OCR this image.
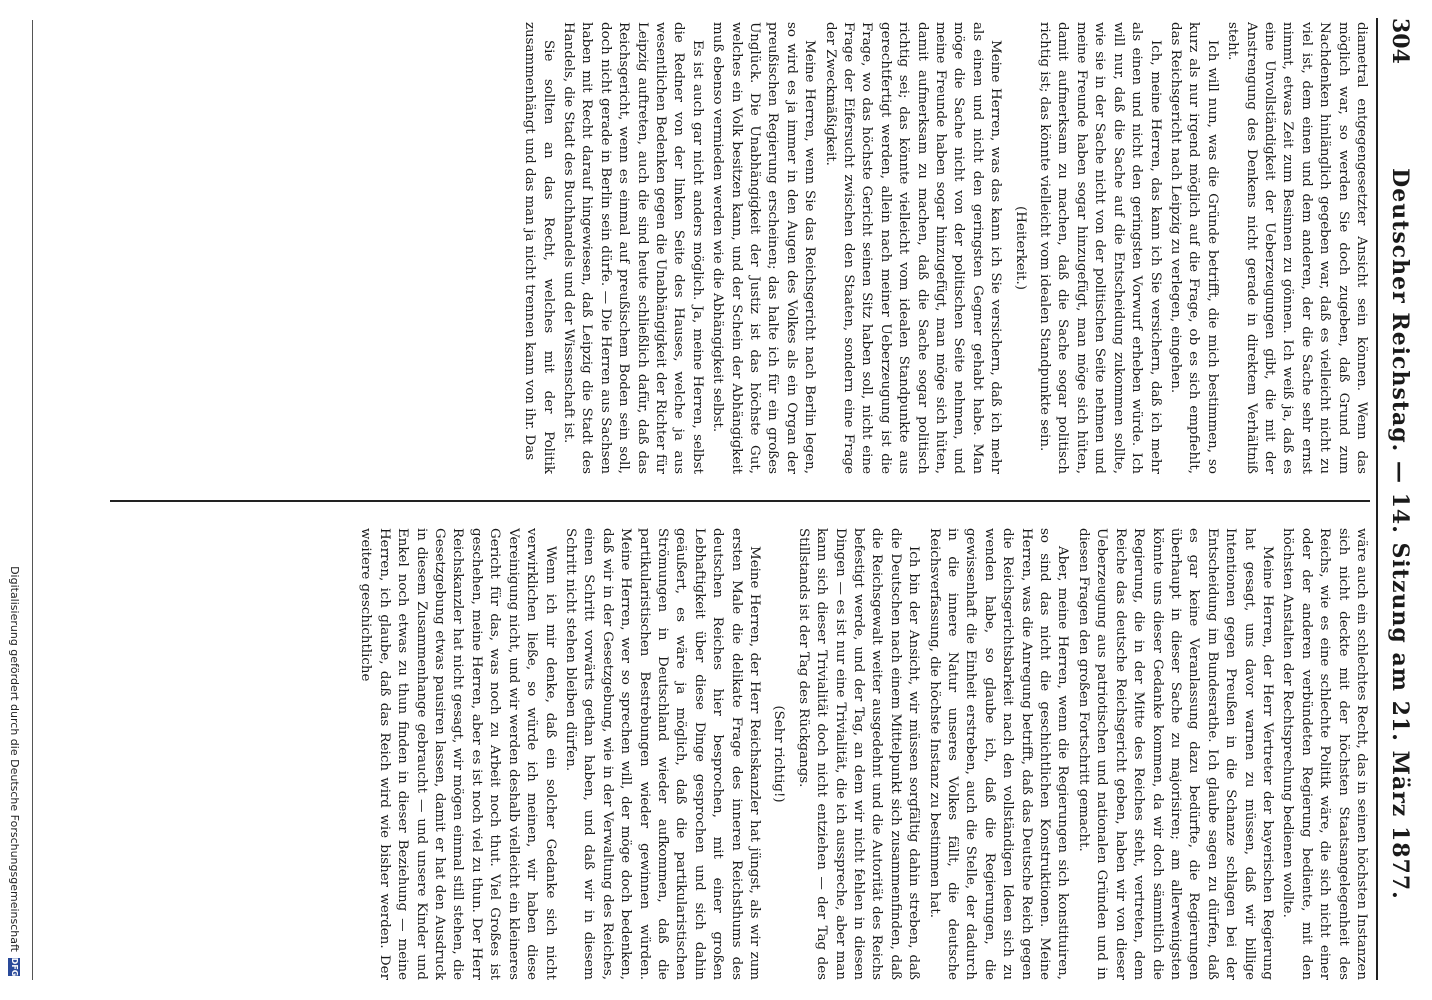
304
Deutscher Reichstag. — 14. Sitzung am 21. März 1877.

diametral entgegengesetzter Ansicht sein können. Wenn das möglich war, so werden Sie doch zugeben, daß Grund zum Nachdenken hinlänglich gegeben war, daß es vielleicht nicht zu viel ist, dem einen und dem anderen, der die Sache sehr ernst nimmt, etwas Zeit zum Besinnen zu gönnen. Ich weiß ja, daß es eine Unvollständigkeit der Ueberzeugungen gibt, die mit der Anstrengung des Denkens nicht gerade in direktem Verhältniß steht.

Ich will nun, was die Gründe betrifft, die mich bestimmen, so kurz als nur irgend möglich auf die Frage, ob es sich empfiehlt, das Reichsgericht nach Leipzig zu verlegen, eingehen.

Ich, meine Herren, das kann ich Sie versichern, daß ich mehr als einen und nicht den geringsten Vorwurf erheben würde. Ich will nur, daß die Sache auf die Entscheidung zukommen sollte, wie sie in der Sache nicht von der politischen Seite nehmen und meine Freunde haben sogar hinzugefügt, man möge sich hüten, damit aufmerksam zu machen, daß die Sache sogar politisch richtig ist; das könnte vielleicht vom idealen Standpunkte sein.

(Heiterkeit.)

Meine Herren, was das kann ich Sie versichern, daß ich mehr als einen und nicht den geringsten Gegner gehabt habe. Man möge die Sache nicht von der politischen Seite nehmen, und meine Freunde haben sogar hinzugefügt, man möge sich hüten, damit aufmerksam zu machen, daß die Sache sogar politisch richtig sei; das könnte vielleicht vom idealen Standpunkte aus gerechtfertigt werden, allein nach meiner Ueberzeugung ist die Frage, wo das höchste Gericht seinen Sitz haben soll, nicht eine Frage der Eifersucht zwischen den Staaten, sondern eine Frage der Zweckmäßigkeit.

Meine Herren, wenn Sie das Reichsgericht nach Berlin legen, so wird es ja immer in den Augen des Volkes als ein Organ der preußischen Regierung erscheinen; das halte ich für ein großes Unglück. Die Unabhängigkeit der Justiz ist das höchste Gut, welches ein Volk besitzen kann, und der Schein der Abhängigkeit muß ebenso vermieden werden wie die Abhängigkeit selbst.

Es ist auch gar nicht anders möglich. Ja, meine Herren, selbst die Redner von der linken Seite des Hauses, welche ja aus wesentlichen Bedenken gegen die Unabhängigkeit der Richter für Leipzig auftreten, auch die sind heute schließlich dafür, daß das Reichsgericht, wenn es einmal auf preußischem Boden sein soll, doch nicht gerade in Berlin sein dürfe. — Die Herren aus Sachsen haben mit Recht darauf hingewiesen, daß Leipzig die Stadt des Handels, die Stadt des Buchhandels und der Wissenschaft ist.

Sie sollten an das Recht, welches mit der Politik zusammenhängt und das man ja nicht trennen kann von ihr. Das

wäre auch ein schlechtes Recht, das in seinen höchsten Instanzen sich nicht deckte mit der höchsten Staatsangelegenheit des Reichs, wie es eine schlechte Politik wäre, die sich nicht einer oder der anderen verbündeten Regierung bediente, mit den höchsten Anstalten der Rechtsprechung bedienen wollte.

Meine Herren, der Herr Vertreter der bayerischen Regierung hat gesagt, uns davor warnen zu müssen, daß wir billige Intentionen gegen Preußen in die Schanze schlagen bei der Entscheidung im Bundesrathe. Ich glaube sagen zu dürfen, daß es gar keine Veranlassung dazu bedürfte, die Regierungen überhaupt in dieser Sache zu majorisiren; am allerwenigsten könnte uns dieser Gedanke kommen, da wir doch sämmtlich die Regierung, die in der Mitte des Reiches steht, vertreten, dem Reiche das deutsche Reichsgericht geben, haben wir von dieser Ueberzeugung aus patriotischen und nationalen Gründen und in diesen Fragen den großen Fortschritt gemacht.

Aber, meine Herren, wenn die Regierungen sich konstituiren, so sind das nicht die geschichtlichen Konstruktionen. Meine Herren, was die Anregung betrifft, daß das Deutsche Reich gegen die Reichsgerichtsbarkeit nach den vollständigen Ideen sich zu wenden habe, so glaube ich, daß die Regierungen, die gewissenhaft die Einheit erstreben, auch die Stelle, der dadurch in die innere Natur unseres Volkes fällt, die deutsche Reichsverfassung, die höchste Instanz zu bestimmen hat.

Ich bin der Ansicht, wir müssen sorgfältig dahin streben, daß die Deutschen nach einem Mittelpunkt sich zusammenfinden, daß die Reichsgewalt weiter ausgedehnt und die Autorität des Reichs befestigt werde, und der Tag, an dem wir nicht fehlen in diesen Dingen — es ist nur eine Trivialität, die ich ausspreche, aber man kann sich dieser Trivialität doch nicht entziehen — der Tag des Stillstands ist der Tag des Rückgangs.

(Sehr richtig!)

Meine Herren, der Herr Reichskanzler hat jüngst, als wir zum ersten Male die delikate Frage des inneren Reichsthums des deutschen Reiches hier besprochen, mit einer großen Lebhaftigkeit über diese Dinge gesprochen und sich dahin geäußert, es wäre ja möglich, daß die partikularistischen Strömungen in Deutschland wieder aufkommen, daß die partikularistischen Bestrebungen wieder gewinnen würden. Meine Herren, wer so sprechen will, der möge doch bedenken, daß wir in der Gesetzgebung, wie in der Verwaltung des Reiches, einen Schritt vorwärts gethan haben, und daß wir in diesem Schritt nicht stehen bleiben dürfen.

Wenn ich mir denke, daß ein solcher Gedanke sich nicht verwirklichen ließe, so würde ich meinen, wir haben diese Vereinigung nicht, und wir werden deshalb vielleicht ein kleineres Gericht für das, was noch zu Arbeit noch thut. Viel Großes ist geschehen, meine Herren, aber es ist noch viel zu thun. Der Herr Reichskanzler hat nicht gesagt, wir mögen einmal still stehen, die Gesetzgebung etwas pausiren lassen, damit er hat den Ausdruck in diesem Zusammenhange gebraucht — und unsere Kinder und Enkel noch etwas zu thun finden in dieser Beziehung — meine Herren, ich glaube, daß das Reich wird wie bisher werden. Der weitere geschichtliche

Digitalisierung gefördert durch die Deutsche Forschungsgemeinschaft
DFG
